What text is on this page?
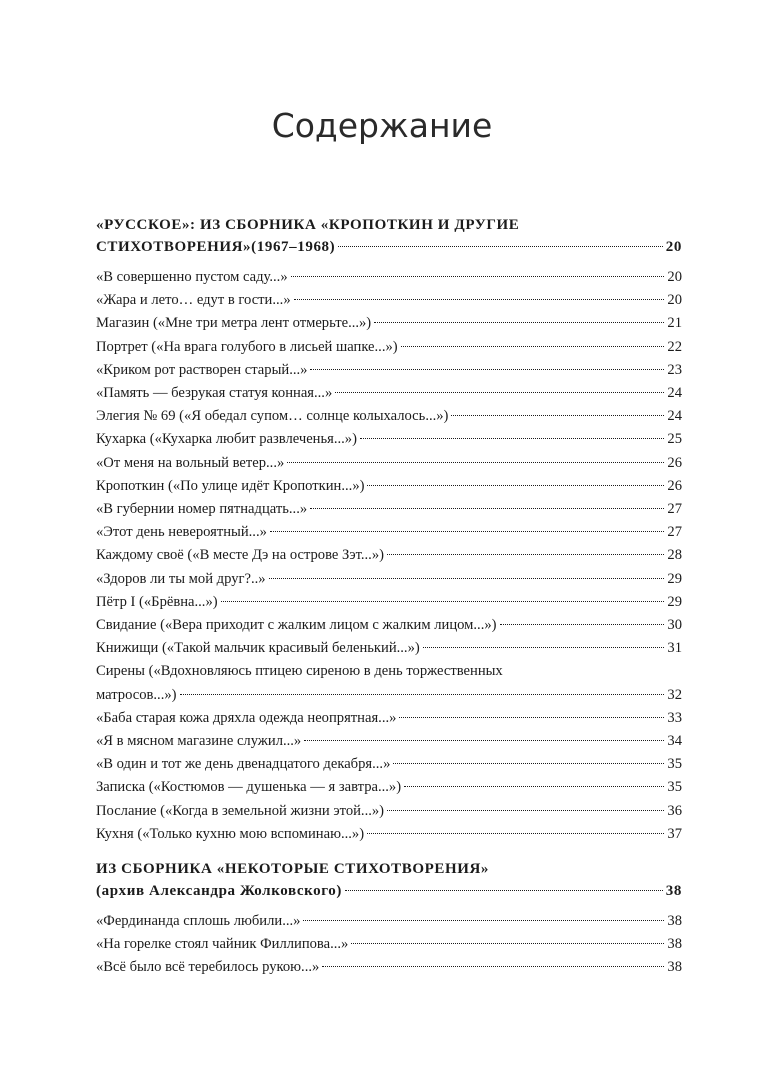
Содержание
«РУССКОЕ»: ИЗ СБОРНИКА «КРОПОТКИН И ДРУГИЕ
СТИХОТВОРЕНИЯ»(1967–1968)	20
«В совершенно пустом саду...»	20
«Жара и лето… едут в гости...»	20
Магазин («Мне три метра лент отмерьте...»)	21
Портрет («На врага голубого в лисьей шапке...»)	22
«Криком рот растворен старый...»	23
«Память — безрукая статуя конная...»	24
Элегия № 69 («Я обедал супом… солнце колыхалось...»)	24
Кухарка («Кухарка любит развлеченья...»)	25
«От меня на вольный ветер...»	26
Кропоткин («По улице идёт Кропоткин...»)	26
«В губернии номер пятнадцать...»	27
«Этот день невероятный...»	27
Каждому своё («В месте Дэ на острове Зэт...»)	28
«Здоров ли ты мой друг?..»	29
Пётр I («Брёвна...»)	29
Свидание («Вера приходит с жалким лицом с жалким лицом...»)	30
Книжищи («Такой мальчик красивый беленький...»)	31
Сирены («Вдохновляюсь птицею сиреною в день торжественных
матросов...»)	32
«Баба старая кожа дряхла одежда неопрятная...»	33
«Я в мясном магазине служил...»	34
«В один и тот же день двенадцатого декабря...»	35
Записка («Костюмов — душенька — я завтра...»)	35
Послание («Когда в земельной жизни этой...»)	36
Кухня («Только кухню мою вспоминаю...»)	37
ИЗ СБОРНИКА «НЕКОТОРЫЕ СТИХОТВОРЕНИЯ»
(архив Александра Жолковского)	38
«Фердинанда сплошь любили...»	38
«На горелке стоял чайник Филлипова...»	38
«Всё было всё теребилось рукою...»	38
